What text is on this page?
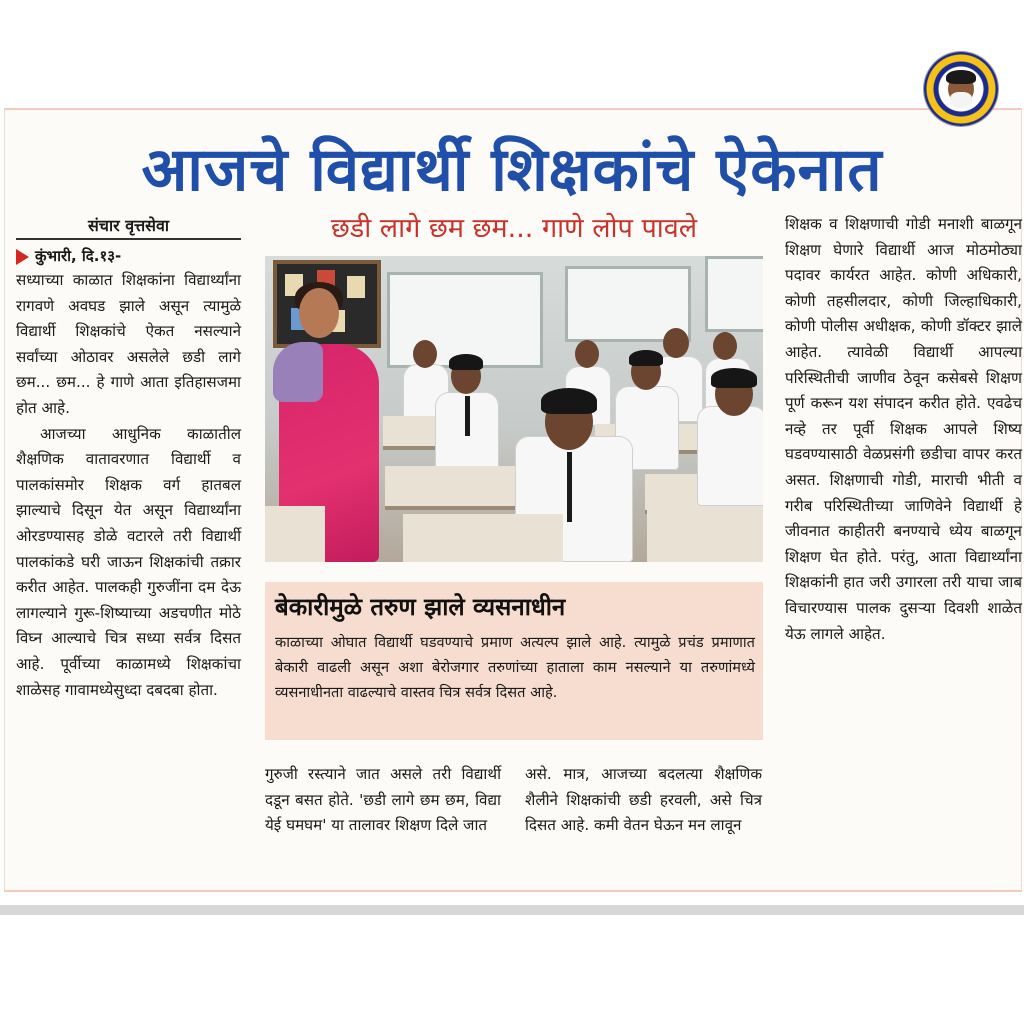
आजचे विद्यार्थी शिक्षकांचे ऐकेनात
संचार वृत्तसेवा
कुंभारी, दि.१३-

सध्याच्या काळात शिक्षकांना विद्यार्थ्यांना रागवणे अवघड झाले असून त्यामुळे विद्यार्थी शिक्षकांचे ऐकत नसल्याने सर्वांच्या ओठावर असलेले छडी लागे छम... छम... हे गाणे आता इतिहासजमा होत आहे.

आजच्या आधुनिक काळातील शैक्षणिक वातावरणात विद्यार्थी व पालकांसमोर शिक्षक वर्ग हातबल झाल्याचे दिसून येत असून विद्यार्थ्यांना ओरडण्यासह डोळे वटारले तरी विद्यार्थी पालकांकडे घरी जाऊन शिक्षकांची तक्रार करीत आहेत. पालकही गुरुजींना दम देऊ लागल्याने गुरू-शिष्याच्या अडचणीत मोठे विघ्न आल्याचे चित्र सध्या सर्वत्र दिसत आहे. पूर्वीच्या काळामध्ये शिक्षकांचा शाळेसह गावामध्येसुध्दा दबदबा होता.

छडी लागे छम छम... गाणे लोप पावले
बेकारीमुळे तरुण झाले व्यसनाधीन
काळाच्या ओघात विद्यार्थी घडवण्याचे प्रमाण अत्यल्प झाले आहे. त्यामुळे प्रचंड प्रमाणात बेकारी वाढली असून अशा बेरोजगार तरुणांच्या हाताला काम नसल्याने या तरुणांमध्ये व्यसनाधीनता वाढल्याचे वास्तव चित्र सर्वत्र दिसत आहे.

गुरुजी रस्त्याने जात असले तरी विद्यार्थी दडून बसत होते. 'छडी लागे छम छम, विद्या येई घमघम' या तालावर शिक्षण दिले जात

असे. मात्र, आजच्या बदलत्या शैक्षणिक शैलीने शिक्षकांची छडी हरवली, असे चित्र दिसत आहे. कमी वेतन घेऊन मन लावून

शिक्षक व शिक्षणाची गोडी मनाशी बाळगून शिक्षण घेणारे विद्यार्थी आज मोठमोठ्या पदावर कार्यरत आहेत. कोणी अधिकारी, कोणी तहसीलदार, कोणी जिल्हाधिकारी, कोणी पोलीस अधीक्षक, कोणी डॉक्टर झाले आहेत. त्यावेळी विद्यार्थी आपल्या परिस्थितीची जाणीव ठेवून कसेबसे शिक्षण पूर्ण करून यश संपादन करीत होते. एवढेच नव्हे तर पूर्वी शिक्षक आपले शिष्य घडवण्यासाठी वेळप्रसंगी छडीचा वापर करत असत. शिक्षणाची गोडी, माराची भीती व गरीब परिस्थितीच्या जाणिवेने विद्यार्थी हे जीवनात काहीतरी बनण्याचे ध्येय बाळगून शिक्षण घेत होते. परंतु, आता विद्यार्थ्यांना शिक्षकांनी हात जरी उगारला तरी याचा जाब विचारण्यास पालक दुसऱ्या दिवशी शाळेत येऊ लागले आहेत.
